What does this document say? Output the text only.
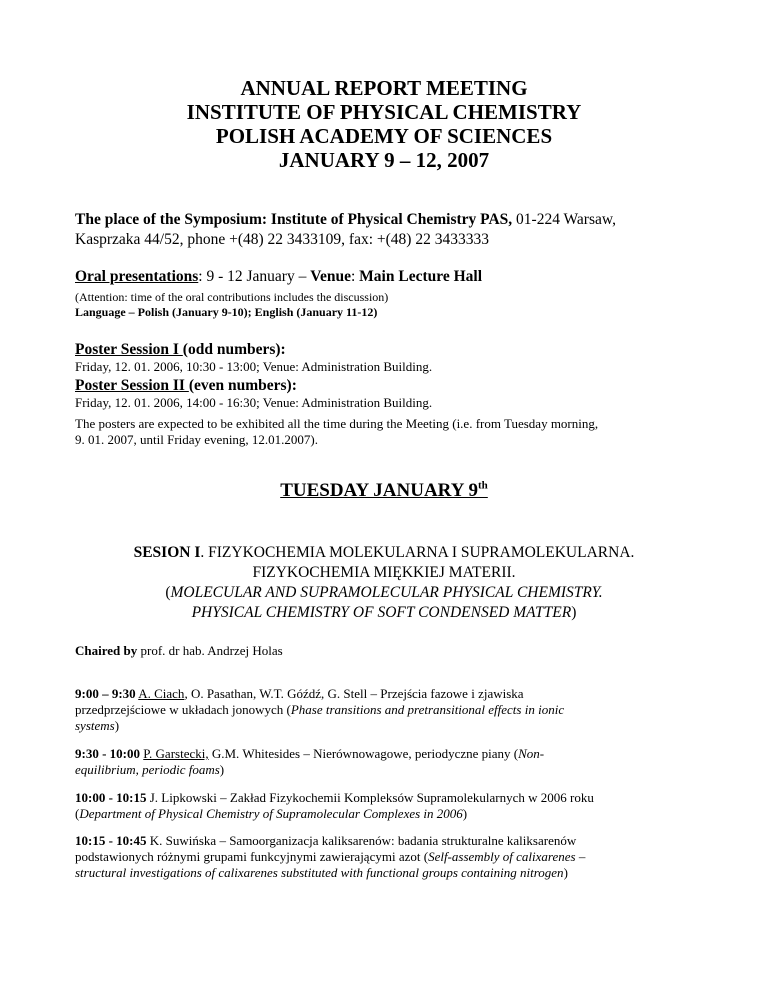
ANNUAL REPORT MEETING
INSTITUTE OF PHYSICAL CHEMISTRY
POLISH ACADEMY OF SCIENCES
JANUARY 9 – 12, 2007
The place of the Symposium: Institute of Physical Chemistry PAS, 01-224 Warsaw,
Kasprzaka 44/52, phone +(48) 22 3433109, fax: +(48) 22 3433333
Oral presentations: 9 - 12 January – Venue: Main Lecture Hall
(Attention: time of the oral contributions includes the discussion)
Language – Polish (January 9-10); English (January 11-12)
Poster Session I (odd numbers):
Friday, 12. 01. 2006, 10:30 - 13:00; Venue: Administration Building.
Poster Session II (even numbers):
Friday, 12. 01. 2006, 14:00 - 16:30; Venue: Administration Building.
The posters are expected to be exhibited all the time during the Meeting (i.e. from Tuesday morning,
9. 01. 2007, until Friday evening, 12.01.2007).
TUESDAY JANUARY 9th
SESION I. FIZYKOCHEMIA MOLEKULARNA I SUPRAMOLEKULARNA.
FIZYKOCHEMIA MIĘKKIEJ MATERII.
(MOLECULAR AND SUPRAMOLECULAR PHYSICAL CHEMISTRY.
PHYSICAL CHEMISTRY OF SOFT CONDENSED MATTER)
Chaired by prof. dr hab. Andrzej Holas
9:00 – 9:30 A. Ciach, O. Pasathan, W.T. Góźdź, G. Stell – Przejścia fazowe i zjawiska
przedprzejściowe w układach jonowych (Phase transitions and pretransitional effects in ionic
systems)
9:30 - 10:00 P. Garstecki, G.M. Whitesides – Nierównowagowe, periodyczne piany (Non-
equilibrium, periodic foams)
10:00 - 10:15 J. Lipkowski – Zakład Fizykochemii Kompleksów Supramolekularnych w 2006 roku
(Department of Physical Chemistry of Supramolecular Complexes in 2006)
10:15 - 10:45 K. Suwińska – Samoorganizacja kaliksarenów: badania strukturalne kaliksarenów
podstawionych różnymi grupami funkcyjnymi zawierającymi azot (Self-assembly of calixarenes –
structural investigations of calixarenes substituted with functional groups containing nitrogen)
